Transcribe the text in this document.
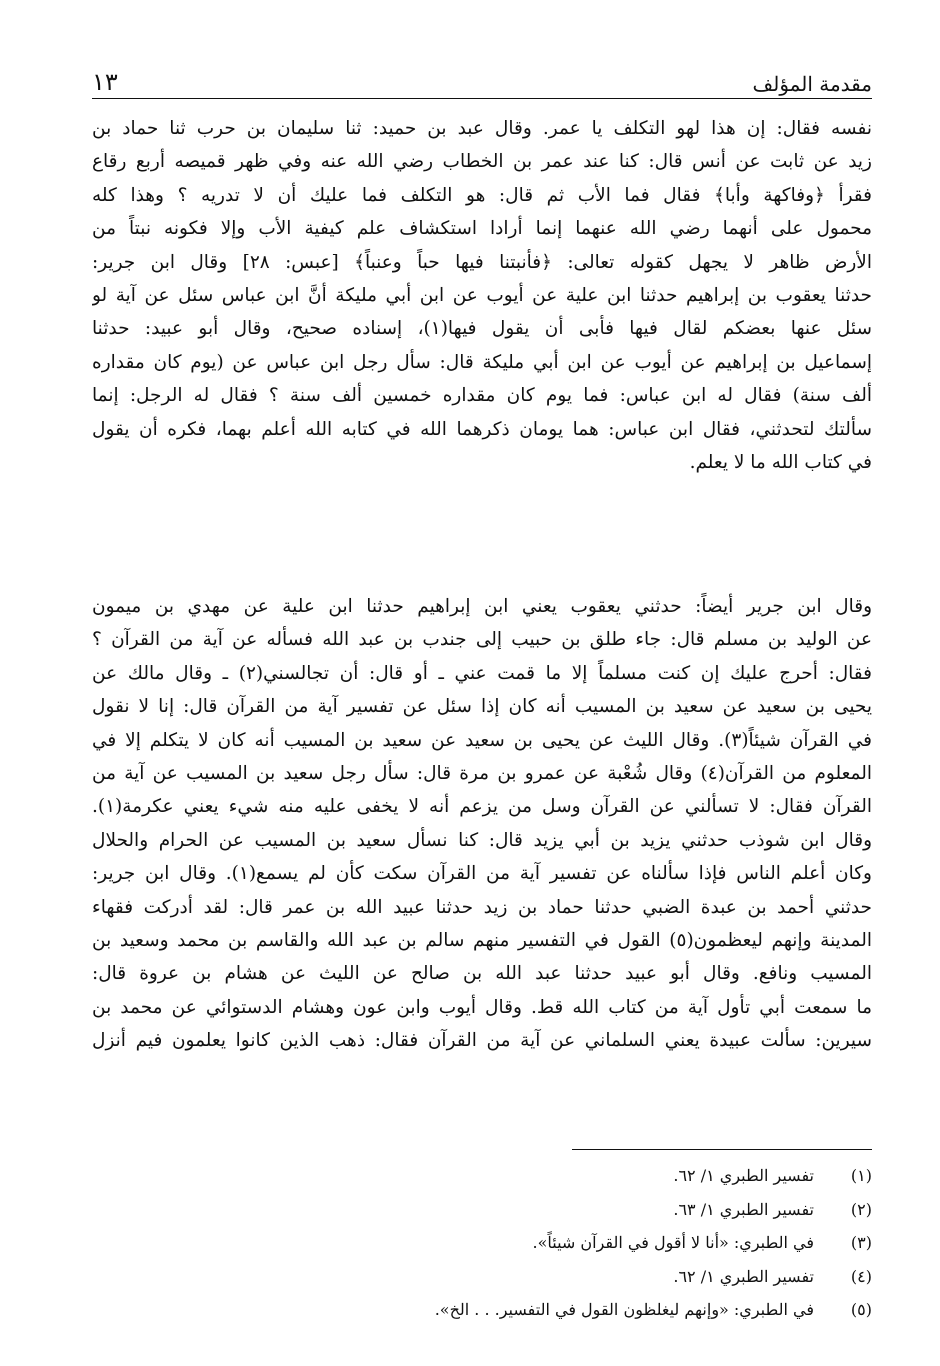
مقدمة المؤلف
١٣
نفسه فقال: إن هذا لهو التكلف يا عمر. وقال عبد بن حميد: ثنا سليمان بن حرب ثنا حماد بن
زيد عن ثابت عن أنس قال: كنا عند عمر بن الخطاب رضي الله عنه وفي ظهر قميصه أربع رقاع
فقرأ ﴿وفاكهة وأبا﴾ فقال فما الأب ثم قال: هو التكلف فما عليك أن لا تدريه ؟ وهذا كله
محمول على أنهما رضي الله عنهما إنما أرادا استكشاف علم كيفية الأب وإلا فكونه نبتاً من
الأرض ظاهر لا يجهل كقوله تعالى: ﴿فأنبتنا فيها حباً وعنباً﴾ [عبس: ٢٨] وقال ابن جرير:
حدثنا يعقوب بن إبراهيم حدثنا ابن علية عن أيوب عن ابن أبي مليكة أنَّ ابن عباس سئل عن آية لو
سئل عنها بعضكم لقال فيها فأبى أن يقول فيها(١)، إسناده صحيح، وقال أبو عبيد: حدثنا
إسماعيل بن إبراهيم عن أيوب عن ابن أبي مليكة قال: سأل رجل ابن عباس عن (يوم كان مقداره
ألف سنة) فقال له ابن عباس: فما يوم كان مقداره خمسين ألف سنة ؟ فقال له الرجل: إنما
سألتك لتحدثني، فقال ابن عباس: هما يومان ذكرهما الله في كتابه الله أعلم بهما، فكره أن يقول
في كتاب الله ما لا يعلم.
وقال ابن جرير أيضاً: حدثني يعقوب يعني ابن إبراهيم حدثنا ابن علية عن مهدي بن ميمون
عن الوليد بن مسلم قال: جاء طلق بن حبيب إلى جندب بن عبد الله فسأله عن آية من القرآن ؟
فقال: أحرج عليك إن كنت مسلماً إلا ما قمت عني ـ أو قال: أن تجالسني(٢) ـ وقال مالك عن
يحيى بن سعيد عن سعيد بن المسيب أنه كان إذا سئل عن تفسير آية من القرآن قال: إنا لا نقول
في القرآن شيئاً(٣). وقال الليث عن يحيى بن سعيد عن سعيد بن المسيب أنه كان لا يتكلم إلا في
المعلوم من القرآن(٤) وقال شُعْبة عن عمرو بن مرة قال: سأل رجل سعيد بن المسيب عن آية من
القرآن فقال: لا تسألني عن القرآن وسل من يزعم أنه لا يخفى عليه منه شيء يعني عكرمة(١).
وقال ابن شوذب حدثني يزيد بن أبي يزيد قال: كنا نسأل سعيد بن المسيب عن الحرام والحلال
وكان أعلم الناس فإذا سألناه عن تفسير آية من القرآن سكت كأن لم يسمع(١). وقال ابن جرير:
حدثني أحمد بن عبدة الضبي حدثنا حماد بن زيد حدثنا عبيد الله بن عمر قال: لقد أدركت فقهاء
المدينة وإنهم ليعظمون(٥) القول في التفسير منهم سالم بن عبد الله والقاسم بن محمد وسعيد بن
المسيب ونافع. وقال أبو عبيد حدثنا عبد الله بن صالح عن الليث عن هشام بن عروة قال:
ما سمعت أبي تأول آية من كتاب الله قط. وقال أيوب وابن عون وهشام الدستوائي عن محمد بن
سيرين: سألت عبيدة يعني السلماني عن آية من القرآن فقال: ذهب الذين كانوا يعلمون فيم أنزل
(١)
تفسير الطبري ١/ ٦٢.
(٢)
تفسير الطبري ١/ ٦٣.
(٣)
في الطبري: «أنا لا أقول في القرآن شيئاً».
(٤)
تفسير الطبري ١/ ٦٢.
(٥)
في الطبري: «وإنهم ليغلظون القول في التفسير. . . الخ».
